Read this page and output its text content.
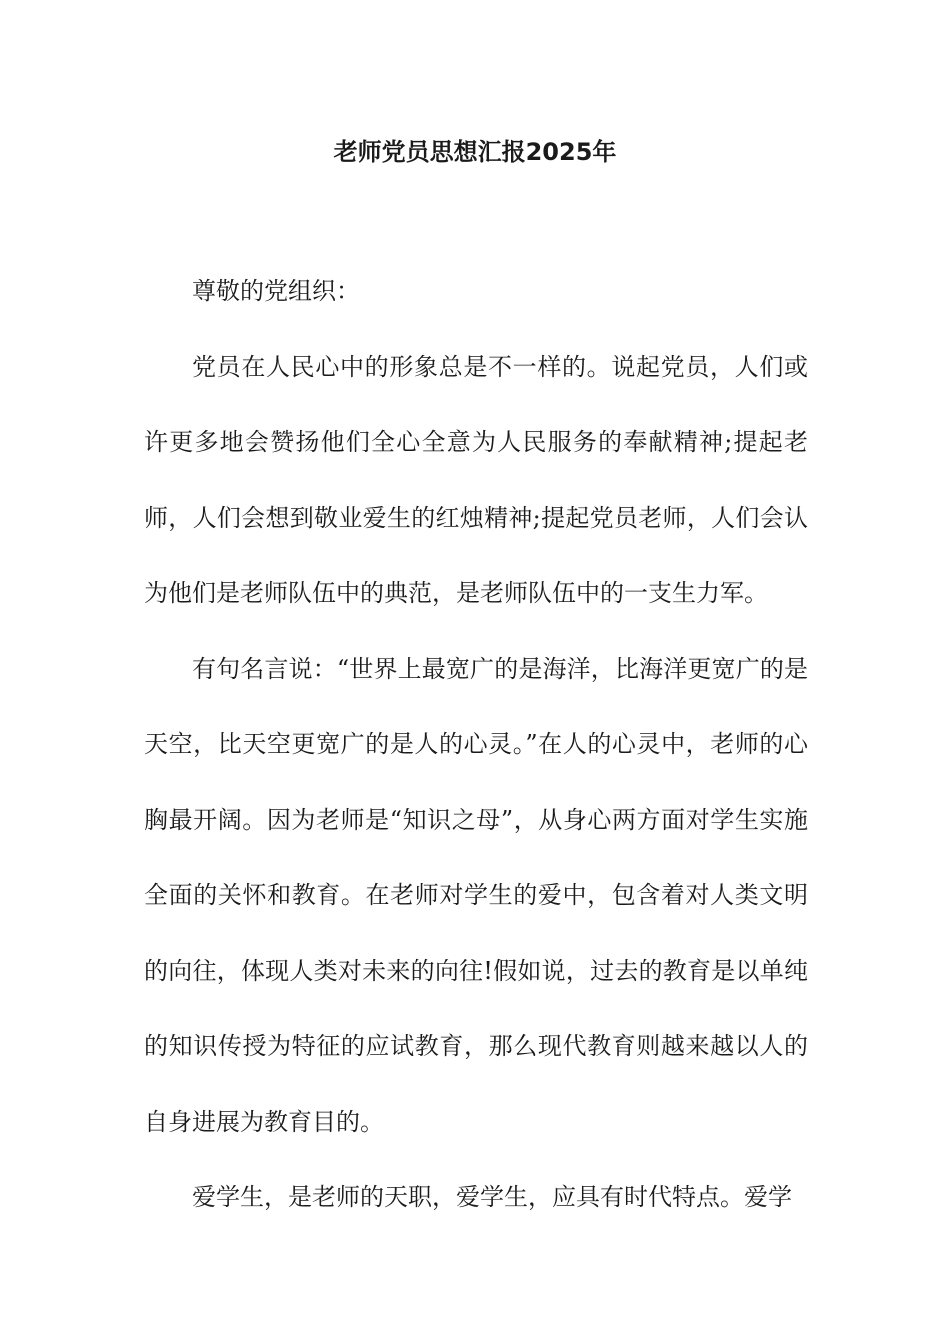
老师党员思想汇报2025年

尊敬的党组织：

党员在人民心中的形象总是不一样的。说起党员，人们或许更多地会赞扬他们全心全意为人民服务的奉献精神;提起老师，人们会想到敬业爱生的红烛精神;提起党员老师，人们会认为他们是老师队伍中的典范，是老师队伍中的一支生力军。

有句名言说：“世界上最宽广的是海洋，比海洋更宽广的是天空，比天空更宽广的是人的心灵。”在人的心灵中，老师的心胸最开阔。因为老师是“知识之母”，从身心两方面对学生实施全面的关怀和教育。在老师对学生的爱中，包含着对人类文明的向往，体现人类对未来的向往!假如说，过去的教育是以单纯的知识传授为特征的应试教育，那么现代教育则越来越以人的自身进展为教育目的。

爱学生，是老师的天职，爱学生，应具有时代特点。爱学
